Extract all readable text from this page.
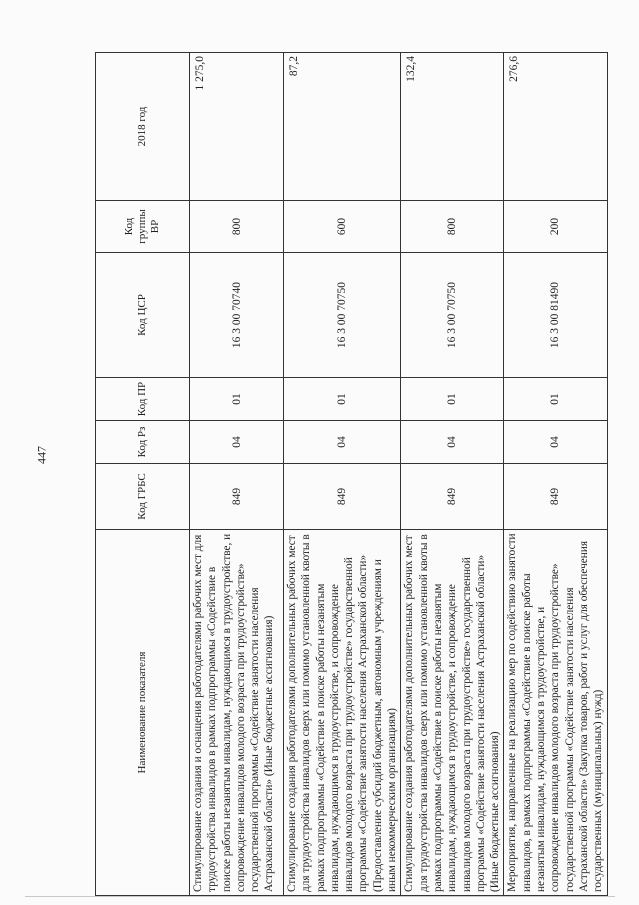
447
Наименование показателя	Код ГРБС	Код Рз	Код ПР	Код ЦСР	Код группы ВР	2018 год
Стимулирование создания и оснащения работодателями рабочих мест для трудоустройства инвалидов в рамках подпрограммы «Содействие в поиске работы незанятым инвалидам, нуждающимся в трудоустройстве, и сопровождение инвалидов молодого возраста при трудоустройстве» государственной программы «Содействие занятости населения Астраханской области» (Иные бюджетные ассигнования)	849	04	01	16 3 00 70740	800	1 275,0
Стимулирование создания работодателями дополнительных рабочих мест для трудоустройства инвалидов сверх или помимо установленной квоты в рамках подпрограммы «Содействие в поиске работы незанятым инвалидам, нуждающимся в трудоустройстве, и сопровождение инвалидов молодого возраста при трудоустройстве» государственной программы «Содействие занятости населения Астраханской области» (Предоставление субсидий бюджетным, автономным учреждениям и иным некоммерческим организациям)	849	04	01	16 3 00 70750	600	87,2
Стимулирование создания работодателями дополнительных рабочих мест для трудоустройства инвалидов сверх или помимо установленной квоты в рамках подпрограммы «Содействие в поиске работы незанятым инвалидам, нуждающимся в трудоустройстве, и сопровождение инвалидов молодого возраста при трудоустройстве» государственной программы «Содействие занятости населения Астраханской области» (Иные бюджетные ассигнования)	849	04	01	16 3 00 70750	800	132,4
Мероприятия, направленные на реализацию мер по содействию занятости инвалидов, в рамках подпрограммы «Содействие в поиске работы незанятым инвалидам, нуждающимся в трудоустройстве, и сопровождение инвалидов молодого возраста при трудоустройстве» государственной программы «Содействие занятости населения Астраханской области» (Закупка товаров, работ и услуг для обеспечения государственных (муниципальных) нужд)	849	04	01	16 3 00 81490	200	276,6
